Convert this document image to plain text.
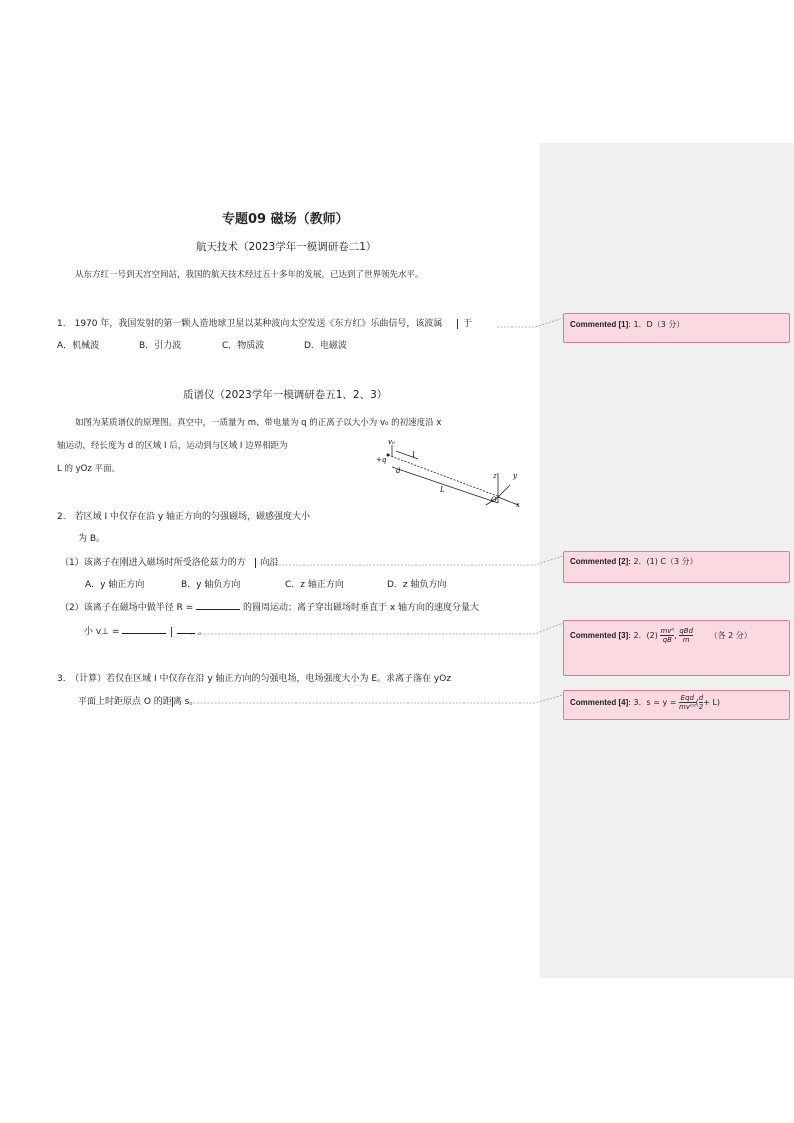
专题09 磁场（教师）
航天技术（2023学年一模调研卷二1）
从东方红一号到天宫空间站，我国的航天技术经过五十多年的发展，已达到了世界领先水平。
1.　1970 年，我国发射的第一颗人造地球卫星以某种波向太空发送《东方红》乐曲信号，该波属 于
A．机械波	B．引力波	C．物质波	D．电磁波
质谱仪（2023学年一模调研卷五1、2、3）
如图为某质谱仪的原理图。真空中，一质量为 m、带电量为 q 的正离子以大小为 v₀ 的初速度沿 x
轴运动，经长度为 d 的区域 Ⅰ 后，运动到与区域 Ⅰ 边界相距为
L 的 yOz 平面。
v₀
+q
I
d
L
z y
x
O
2.　若区域 Ⅰ 中仅存在沿 y 轴正方向的匀强磁场，磁感强度大小
为 B。
（1）该离子在刚进入磁场时所受洛伦兹力的方 向沿
A．y 轴正方向	B．y 轴负方向	C．z 轴正方向	D．z 轴负方向
（2）该离子在磁场中做半径 R =	的圆周运动；离子穿出磁场时垂直于 x 轴方向的速度分量大
小 v⊥ =	。
3.　（计算）若仅在区域 Ⅰ 中仅存在沿 y 轴正方向的匀强电场，电场强度大小为 E。求离子落在 yOz
平面上时距原点 O 的距离 s。
Commented [1]: 1．D（3 分）
Commented [2]: 2．(1) C（3 分）
Commented [3]: 2．$(2) \frac{\text{mv⁰}}{qB}$ , $\frac{\text{qBd}}{m}$ （各 2 分）
Commented [4]: 3．$s = y = \frac{\text{Eqd}}{\text{mv⁰²}}$ ( $\frac{d}{2} + L$)
